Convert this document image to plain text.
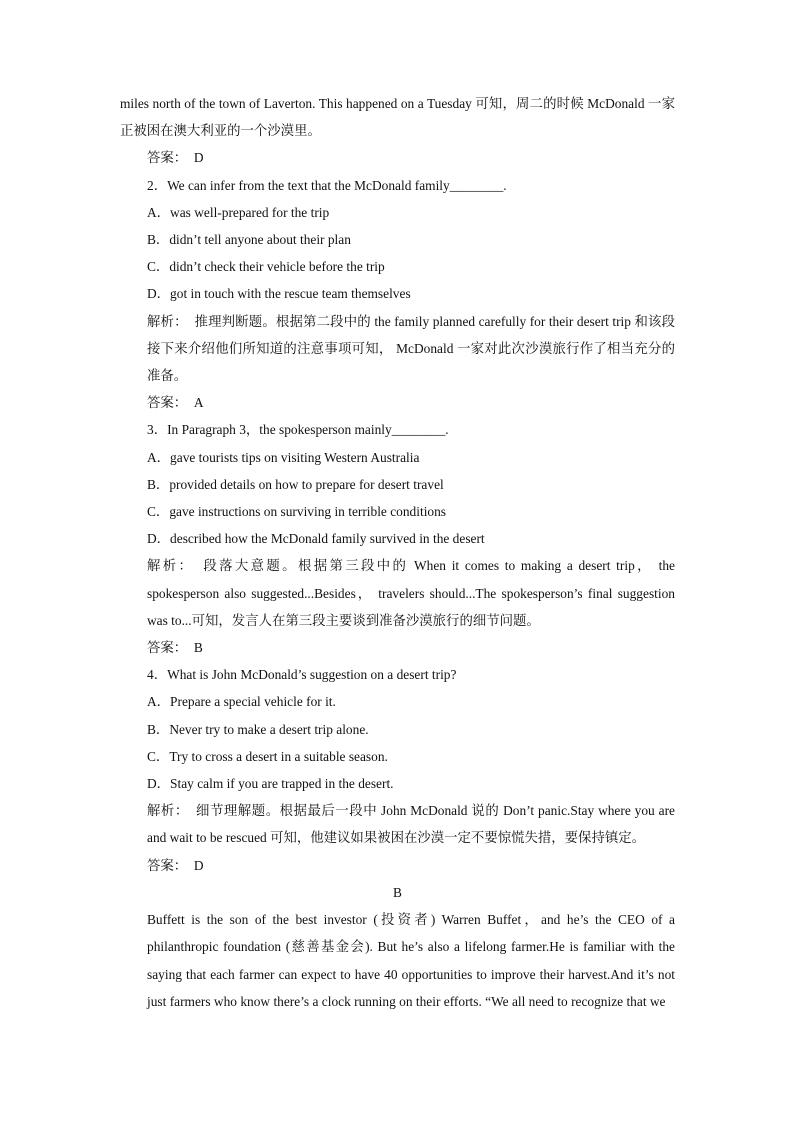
miles north of the town of Laverton. This happened on a Tuesday 可知，周二的时候 McDonald 一家正被困在澳大利亚的一个沙漠里。

答案：　D

2．We can infer from the text that the McDonald family________.

A．was well-prepared for the trip

B．didn’t tell anyone about their plan

C．didn’t check their vehicle before the trip

D．got in touch with the rescue team themselves

解析：　推理判断题。根据第二段中的 the family planned carefully for their desert trip 和该段接下来介绍他们所知道的注意事项可知， McDonald 一家对此次沙漠旅行作了相当充分的准备。

答案：　A

3．In Paragraph 3，the spokesperson mainly________.

A．gave tourists tips on visiting Western Australia

B．provided details on how to prepare for desert travel

C．gave instructions on surviving in terrible conditions

D．described how the McDonald family survived in the desert

解析：　段落大意题。根据第三段中的 When it comes to making a desert trip， the spokesperson also suggested...Besides， travelers should...The spokesperson’s final suggestion was to...可知，发言人在第三段主要谈到准备沙漠旅行的细节问题。

答案：　B

4．What is John McDonald’s suggestion on a desert trip?

A．Prepare a special vehicle for it.

B．Never try to make a desert trip alone.

C．Try to cross a desert in a suitable season.

D．Stay calm if you are trapped in the desert.

解析：　细节理解题。根据最后一段中 John McDonald 说的 Don’t panic.Stay where you are and wait to be rescued 可知，他建议如果被困在沙漠一定不要惊慌失措，要保持镇定。

答案：　D

B

Buffett is the son of the best investor (投资者) Warren Buffet，and he’s the CEO of a philanthropic foundation (慈善基金会). But he’s also a lifelong farmer.He is familiar with the saying that each farmer can expect to have 40 opportunities to improve their harvest.And it’s not just farmers who know there’s a clock running on their efforts. “We all need to recognize that we
